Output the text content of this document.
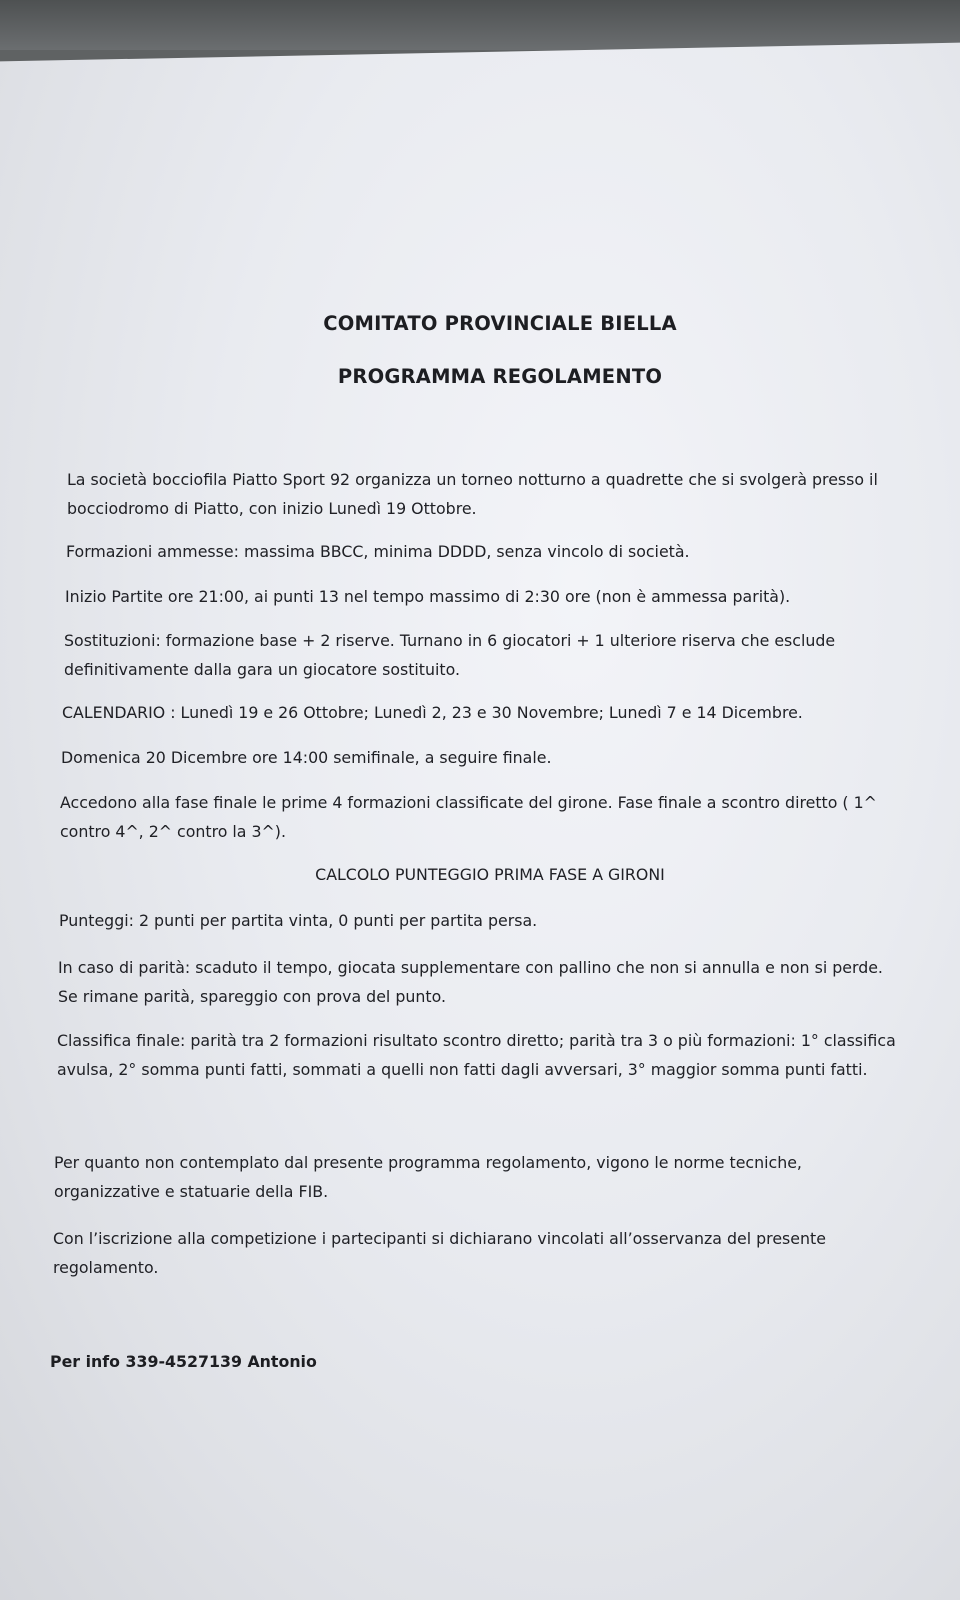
COMITATO PROVINCIALE BIELLA
PROGRAMMA REGOLAMENTO
La società bocciofila Piatto Sport 92 organizza un torneo notturno a quadrette che si svolgerà presso il
bocciodromo di Piatto, con inizio Lunedì 19 Ottobre.
Formazioni ammesse: massima BBCC, minima DDDD, senza vincolo di società.
Inizio Partite ore 21:00, ai punti 13 nel tempo massimo di 2:30 ore (non è ammessa parità).
Sostituzioni: formazione base + 2 riserve. Turnano in 6 giocatori + 1 ulteriore riserva che esclude
definitivamente dalla gara un giocatore sostituito.
CALENDARIO : Lunedì 19 e 26 Ottobre; Lunedì 2, 23 e 30 Novembre; Lunedì 7 e 14 Dicembre.
Domenica 20 Dicembre ore 14:00 semifinale, a seguire finale.
Accedono alla fase finale le prime 4 formazioni classificate del girone. Fase finale a scontro diretto ( 1^
contro 4^, 2^ contro la 3^).
CALCOLO PUNTEGGIO PRIMA FASE A GIRONI
Punteggi: 2 punti per partita vinta, 0 punti per partita persa.
In caso di parità: scaduto il tempo, giocata supplementare con pallino che non si annulla e non si perde.
Se rimane parità, spareggio con prova del punto.
Classifica finale: parità tra 2 formazioni risultato scontro diretto; parità tra 3 o più formazioni: 1° classifica
avulsa, 2° somma punti fatti, sommati a quelli non fatti dagli avversari, 3° maggior somma punti fatti.
Per quanto non contemplato dal presente programma regolamento, vigono le norme tecniche,
organizzative e statuarie della FIB.
Con l’iscrizione alla competizione i partecipanti si dichiarano vincolati all’osservanza del presente
regolamento.
Per info 339-4527139 Antonio
